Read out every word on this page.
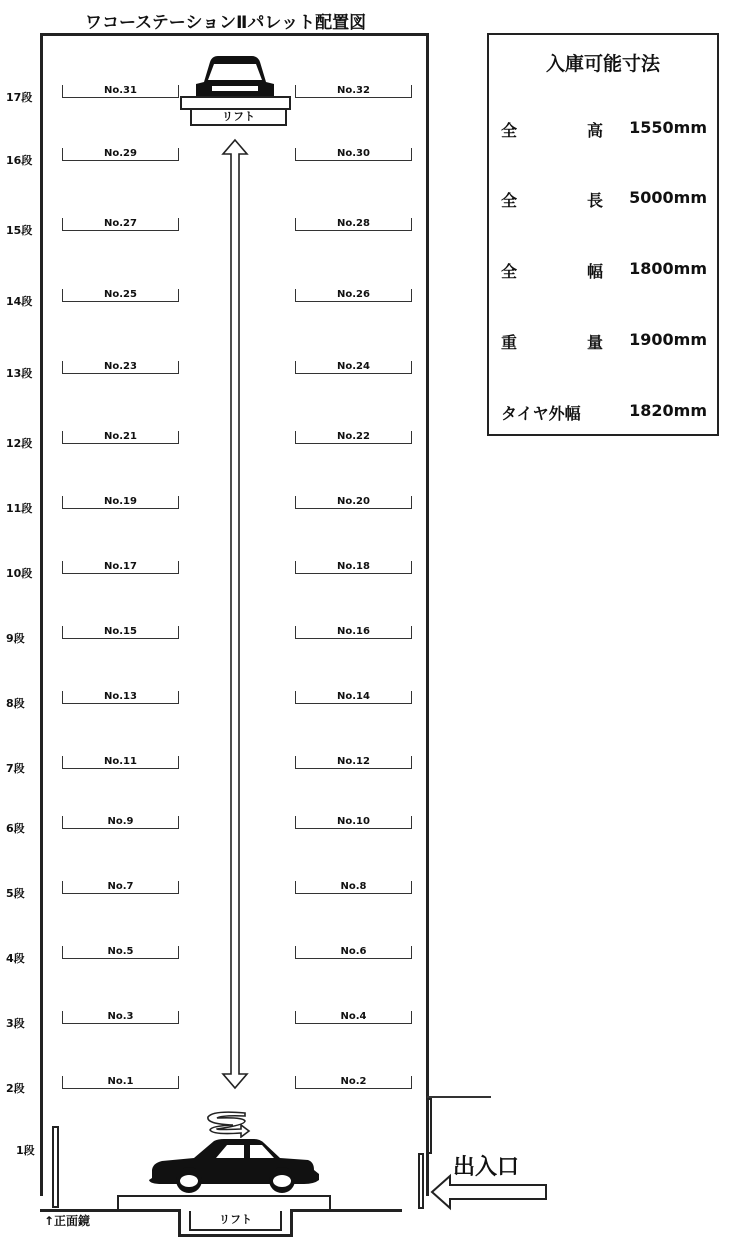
ワコーステーションⅡパレット配置図
17段
No.31	No.32
16段
No.29	No.30
15段
No.27	No.28
14段
No.25	No.26
13段
No.23	No.24
12段
No.21	No.22
11段
No.19	No.20
10段
No.17	No.18
9段
No.15	No.16
8段
No.13	No.14
7段
No.11	No.12
6段
No.9	No.10
5段
No.7	No.8
4段
No.5	No.6
3段
No.3	No.4
2段
No.1	No.2
リフト
リフト
↑正面鏡
1段
出入口
入庫可能寸法
全	高 1550mm
全	長 5000mm
全	幅 1800mm
重	量 1900mm
タイヤ外幅	1820mm
